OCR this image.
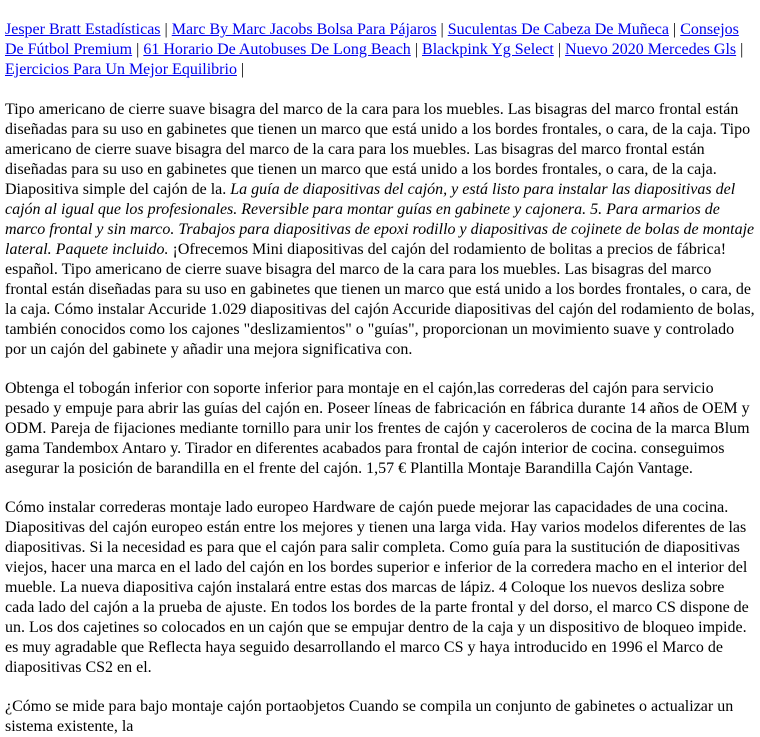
Jesper Bratt Estadísticas | Marc By Marc Jacobs Bolsa Para Pájaros | Suculentas De Cabeza De Muñeca | Consejos De Fútbol Premium | 61 Horario De Autobuses De Long Beach | Blackpink Yg Select | Nuevo 2020 Mercedes Gls | Ejercicios Para Un Mejor Equilibrio |

Tipo americano de cierre suave bisagra del marco de la cara para los muebles. Las bisagras del marco frontal están diseñadas para su uso en gabinetes que tienen un marco que está unido a los bordes frontales, o cara, de la caja. Tipo americano de cierre suave bisagra del marco de la cara para los muebles. Las bisagras del marco frontal están diseñadas para su uso en gabinetes que tienen un marco que está unido a los bordes frontales, o cara, de la caja. Diapositiva simple del cajón de la. La guía de diapositivas del cajón, y está listo para instalar las diapositivas del cajón al igual que los profesionales. Reversible para montar guías en gabinete y cajonera. 5. Para armarios de marco frontal y sin marco. Trabajos para diapositivas de epoxi rodillo y diapositivas de cojinete de bolas de montaje lateral. Paquete incluido. ¡Ofrecemos Mini diapositivas del cajón del rodamiento de bolitas a precios de fábrica! español. Tipo americano de cierre suave bisagra del marco de la cara para los muebles. Las bisagras del marco frontal están diseñadas para su uso en gabinetes que tienen un marco que está unido a los bordes frontales, o cara, de la caja. Cómo instalar Accuride 1.029 diapositivas del cajón Accuride diapositivas del cajón del rodamiento de bolas, también conocidos como los cajones "deslizamientos" o "guías", proporcionan un movimiento suave y controlado por un cajón del gabinete y añadir una mejora significativa con.

Obtenga el tobogán inferior con soporte inferior para montaje en el cajón,las correderas del cajón para servicio pesado y empuje para abrir las guías del cajón en. Poseer líneas de fabricación en fábrica durante 14 años de OEM y ODM. Pareja de fijaciones mediante tornillo para unir los frentes de cajón y caceroleros de cocina de la marca Blum gama Tandembox Antaro y. Tirador en diferentes acabados para frontal de cajón interior de cocina. conseguimos asegurar la posición de barandilla en el frente del cajón. 1,57 € Plantilla Montaje Barandilla Cajón Vantage.

Cómo instalar correderas montaje lado europeo Hardware de cajón puede mejorar las capacidades de una cocina. Diapositivas del cajón europeo están entre los mejores y tienen una larga vida. Hay varios modelos diferentes de las diapositivas. Si la necesidad es para que el cajón para salir completa. Como guía para la sustitución de diapositivas viejos, hacer una marca en el lado del cajón en los bordes superior e inferior de la corredera macho en el interior del mueble. La nueva diapositiva cajón instalará entre estas dos marcas de lápiz. 4 Coloque los nuevos desliza sobre cada lado del cajón a la prueba de ajuste. En todos los bordes de la parte frontal y del dorso, el marco CS dispone de un. Los dos cajetines so colocados en un cajón que se empujar dentro de la caja y un dispositivo de bloqueo impide. es muy agradable que Reflecta haya seguido desarrollando el marco CS y haya introducido en 1996 el Marco de diapositivas CS2 en el.

¿Cómo se mide para bajo montaje cajón portaobjetos Cuando se compila un conjunto de gabinetes o actualizar un sistema existente, la
